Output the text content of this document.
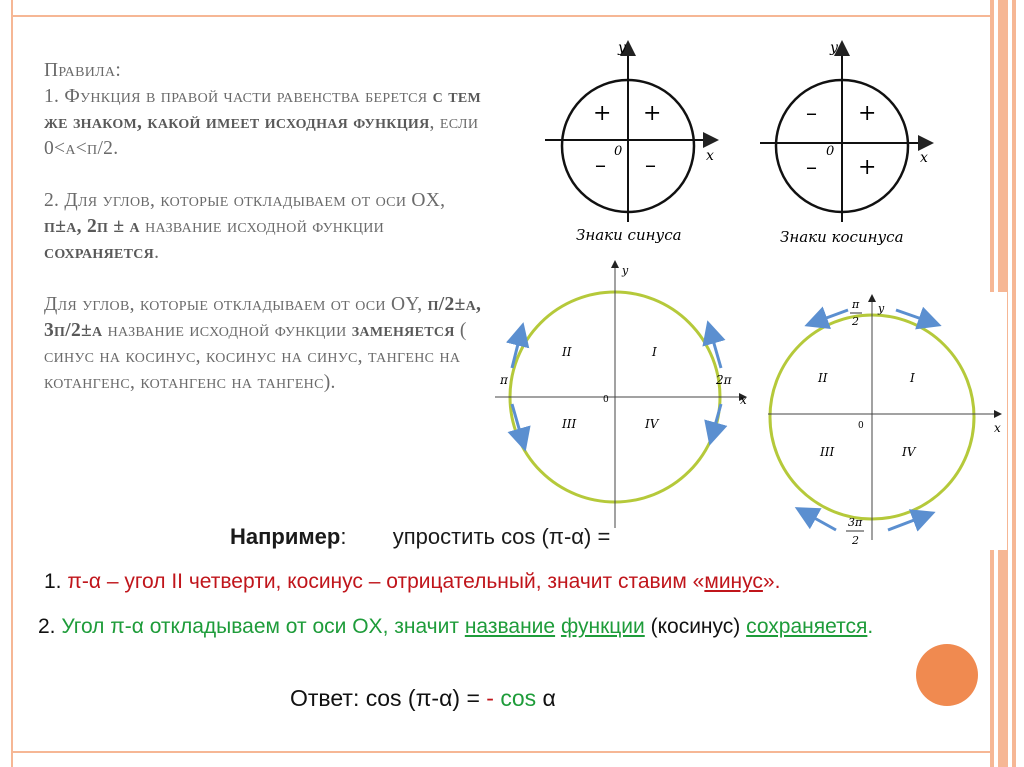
Правила:

1. Функция в правой части равенства берется с тем же знаком, какой имеет исходная функция, если 0<α<π/2.

2. Для углов, которые откладываем от оси OX, π±α, 2π ± α название исходной функции сохраняется.

Для углов, которые откладываем от оси OY, π/2±α, 3π/2±α название исходной функции заменяется ( синус на косинус, косинус на синус, тангенс на котангенс, котангенс на тангенс).

y
x
0
+
+
– –
Знаки синуса
y
x
0
+
–
– +
Знаки косинуса
y
x
0
π	2π
I
II
III	IV
y
x
0
π
2
3π
2
I
II
III	IV
Например: упростить cos (π-α) =
1. π-α – угол II четверти, косинус – отрицательный, значит ставим «минус».
2. Угол π-α откладываем от оси OX, значит название функции (косинус) сохраняется.
Ответ: cos (π-α) = - cos α
